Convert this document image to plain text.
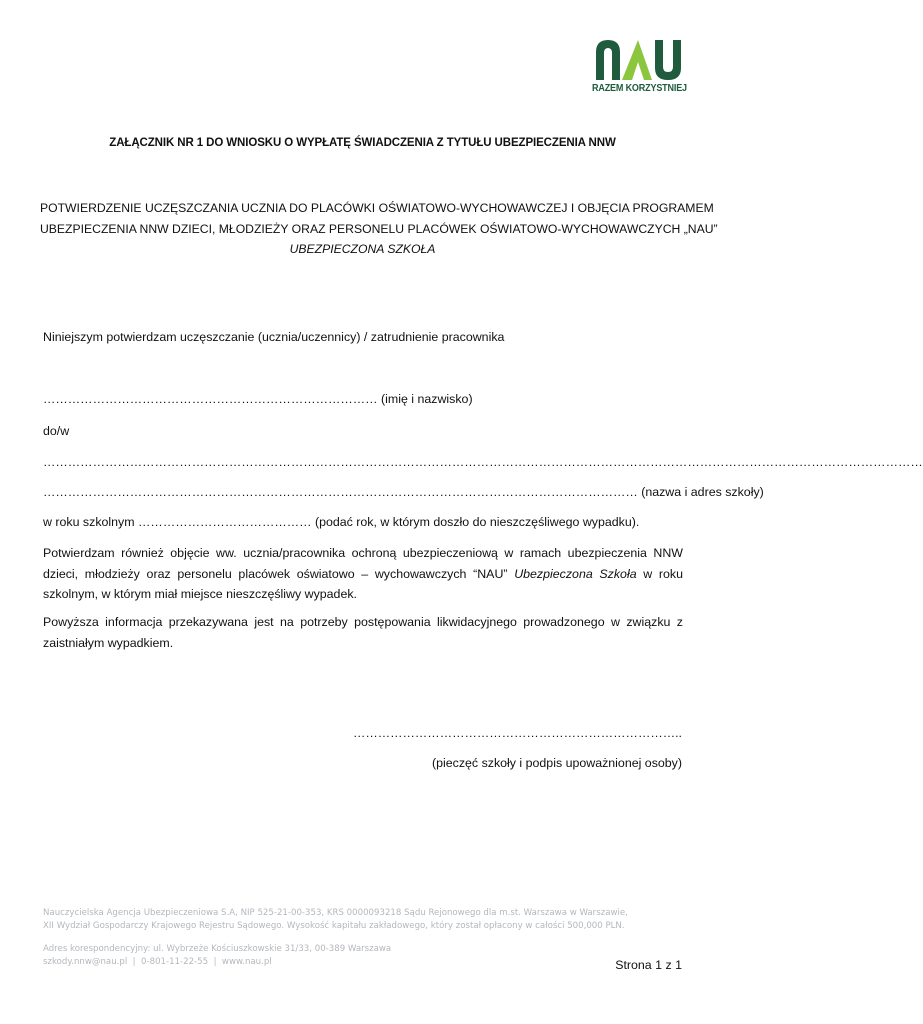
RAZEM KORZYSTNIEJ
ZAŁĄCZNIK NR 1 DO WNIOSKU O WYPŁATĘ ŚWIADCZENIA Z TYTUŁU UBEZPIECZENIA NNW
POTWIERDZENIE UCZĘSZCZANIA UCZNIA DO PLACÓWKI OŚWIATOWO-WYCHOWAWCZEJ I OBJĘCIA PROGRAMEM
UBEZPIECZENIA NNW DZIECI, MŁODZIEŻY ORAZ PERSONELU PLACÓWEK OŚWIATOWO-WYCHOWAWCZYCH „NAU”
UBEZPIECZONA SZKOŁA
Niniejszym potwierdzam uczęszczanie (ucznia/uczennicy) / zatrudnienie pracownika
……………………………………………………………………… (imię i nazwisko)
do/w
……………………………………………………………………………………………………………………………………………………………………………………………
……………………………………………………………………………………………………………………………… (nazwa i adres szkoły)
w roku szkolnym …………………………………… (podać rok, w którym doszło do nieszczęśliwego wypadku).
Potwierdzam również objęcie ww. ucznia/pracownika ochroną ubezpieczeniową w ramach ubezpieczenia NNW dzieci, młodzieży oraz personelu placówek oświatowo – wychowawczych “NAU” Ubezpieczona Szkoła w roku szkolnym, w którym miał miejsce nieszczęśliwy wypadek.
Powyższa informacja przekazywana jest na potrzeby postępowania likwidacyjnego prowadzonego w związku z zaistniałym wypadkiem.
……………………………………………………………………..
(pieczęć szkoły i podpis upoważnionej osoby)
Nauczycielska Agencja Ubezpieczeniowa S.A, NIP 525-21-00-353, KRS 0000093218 Sądu Rejonowego dla m.st. Warszawa w Warszawie,
XII Wydział Gospodarczy Krajowego Rejestru Sądowego. Wysokość kapitału zakładowego, który został opłacony w całości 500,000 PLN.
Adres korespondencyjny: ul. Wybrzeże Kościuszkowskie 31/33, 00-389 Warszawa
szkody.nnw@nau.pl  |  0-801-11-22-55  |  www.nau.pl	Strona 1 z 1
